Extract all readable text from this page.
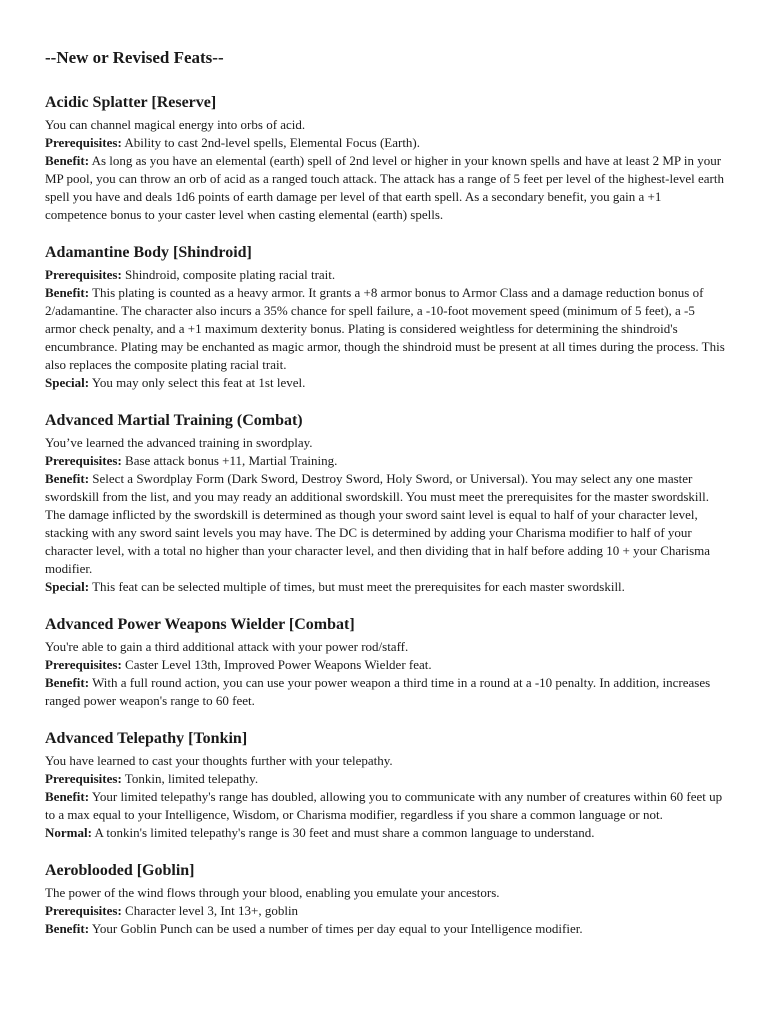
--New or Revised Feats--
Acidic Splatter [Reserve]

You can channel magical energy into orbs of acid.

Prerequisites: Ability to cast 2nd-level spells, Elemental Focus (Earth).

Benefit: As long as you have an elemental (earth) spell of 2nd level or higher in your known spells and have at least 2 MP in your MP pool, you can throw an orb of acid as a ranged touch attack. The attack has a range of 5 feet per level of the highest-level earth spell you have and deals 1d6 points of earth damage per level of that earth spell. As a secondary benefit, you gain a +1 competence bonus to your caster level when casting elemental (earth) spells.

Adamantine Body [Shindroid]

Prerequisites: Shindroid, composite plating racial trait.

Benefit: This plating is counted as a heavy armor. It grants a +8 armor bonus to Armor Class and a damage reduction bonus of 2/adamantine. The character also incurs a 35% chance for spell failure, a -10-foot movement speed (minimum of 5 feet), a -5 armor check penalty, and a +1 maximum dexterity bonus. Plating is considered weightless for determining the shindroid's encumbrance. Plating may be enchanted as magic armor, though the shindroid must be present at all times during the process. This also replaces the composite plating racial trait.

Special: You may only select this feat at 1st level.

Advanced Martial Training (Combat)

You’ve learned the advanced training in swordplay.

Prerequisites: Base attack bonus +11, Martial Training.

Benefit: Select a Swordplay Form (Dark Sword, Destroy Sword, Holy Sword, or Universal). You may select any one master swordskill from the list, and you may ready an additional swordskill. You must meet the prerequisites for the master swordskill. The damage inflicted by the swordskill is determined as though your sword saint level is equal to half of your character level, stacking with any sword saint levels you may have. The DC is determined by adding your Charisma modifier to half of your character level, with a total no higher than your character level, and then dividing that in half before adding 10 + your Charisma modifier.

Special: This feat can be selected multiple of times, but must meet the prerequisites for each master swordskill.

Advanced Power Weapons Wielder [Combat]

You're able to gain a third additional attack with your power rod/staff.

Prerequisites: Caster Level 13th, Improved Power Weapons Wielder feat.

Benefit: With a full round action, you can use your power weapon a third time in a round at a -10 penalty. In addition, increases ranged power weapon's range to 60 feet.

Advanced Telepathy [Tonkin]

You have learned to cast your thoughts further with your telepathy.

Prerequisites: Tonkin, limited telepathy.

Benefit: Your limited telepathy's range has doubled, allowing you to communicate with any number of creatures within 60 feet up to a max equal to your Intelligence, Wisdom, or Charisma modifier, regardless if you share a common language or not.

Normal: A tonkin's limited telepathy's range is 30 feet and must share a common language to understand.

Aeroblooded [Goblin]

The power of the wind flows through your blood, enabling you emulate your ancestors.

Prerequisites: Character level 3, Int 13+, goblin

Benefit: Your Goblin Punch can be used a number of times per day equal to your Intelligence modifier.
